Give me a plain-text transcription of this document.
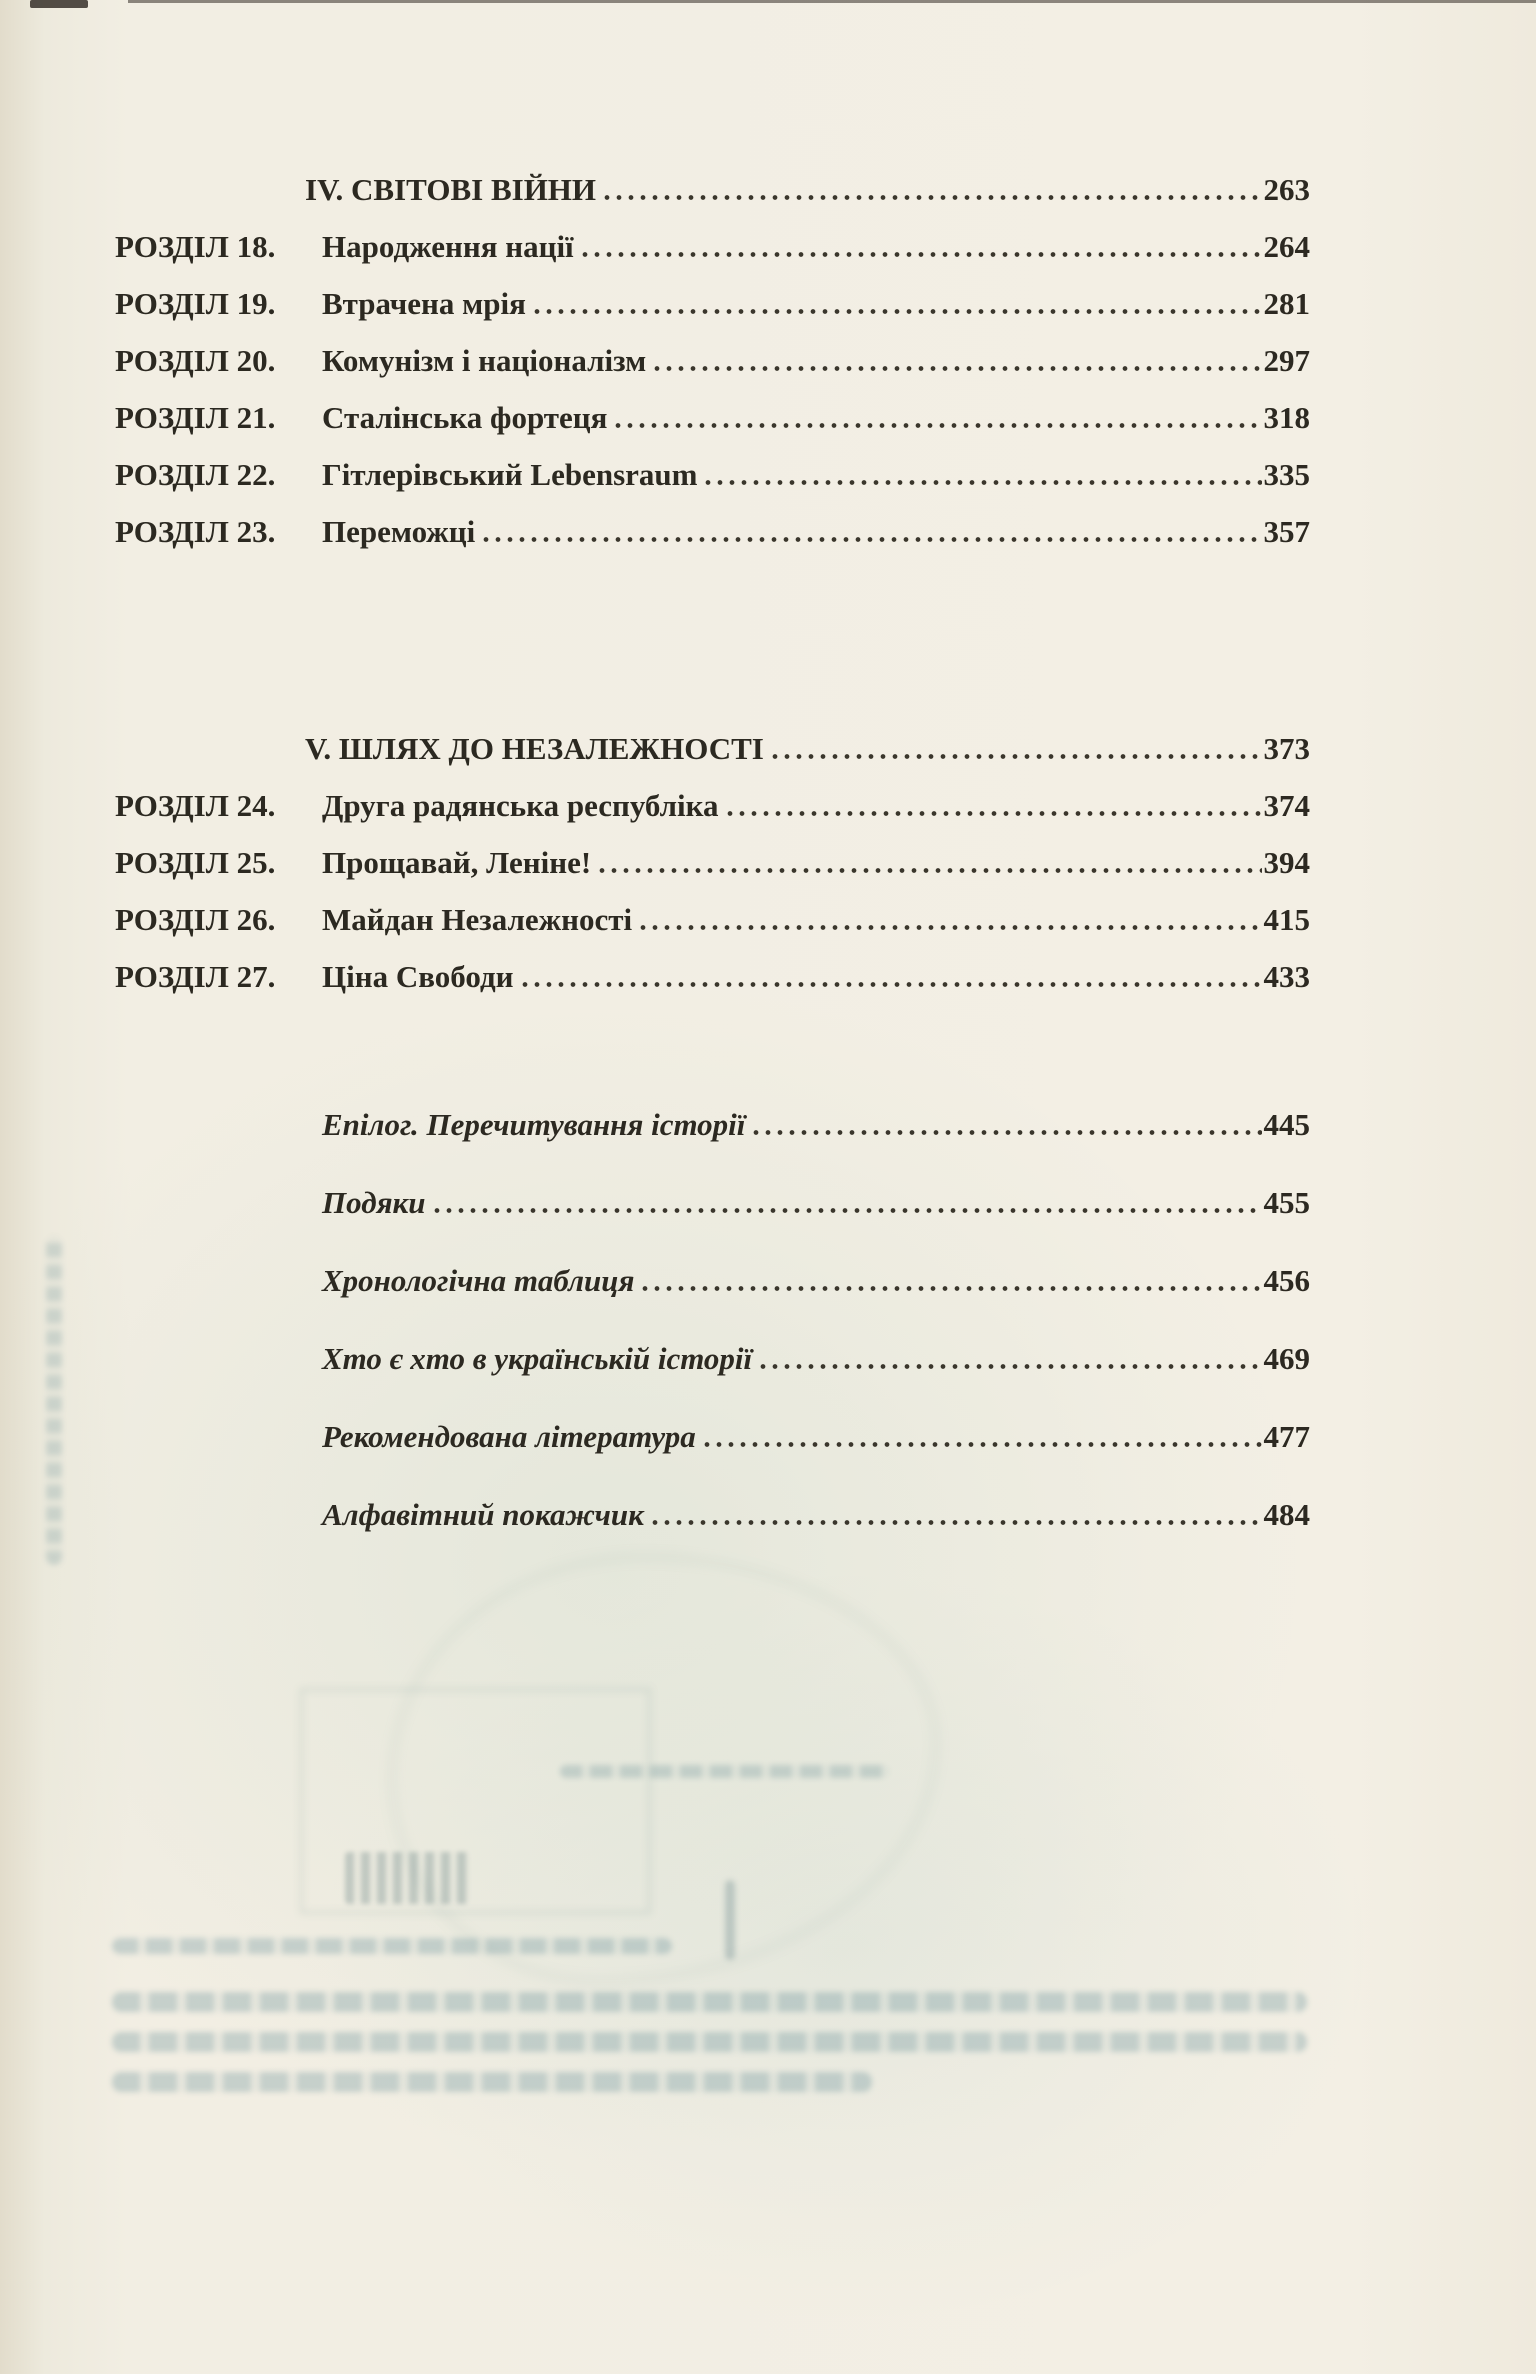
IV. СВІТОВІ ВІЙНИ	263
РОЗДІЛ 18.	Народження нації	264
РОЗДІЛ 19.	Втрачена мрія	281
РОЗДІЛ 20.	Комунізм і націоналізм	297
РОЗДІЛ 21.	Сталінська фортеця	318
РОЗДІЛ 22.	Гітлерівський Lebensraum	335
РОЗДІЛ 23.	Переможці	357
V. ШЛЯХ ДО НЕЗАЛЕЖНОСТІ	373
РОЗДІЛ 24.	Друга радянська республіка	374
РОЗДІЛ 25.	Прощавай, Леніне!	394
РОЗДІЛ 26.	Майдан Незалежності	415
РОЗДІЛ 27.	Ціна Свободи	433
Епілог. Перечитування історії	445
Подяки	455
Хронологічна таблиця	456
Хто є хто в українській історії	469
Рекомендована література	477
Алфавітний покажчик	484
